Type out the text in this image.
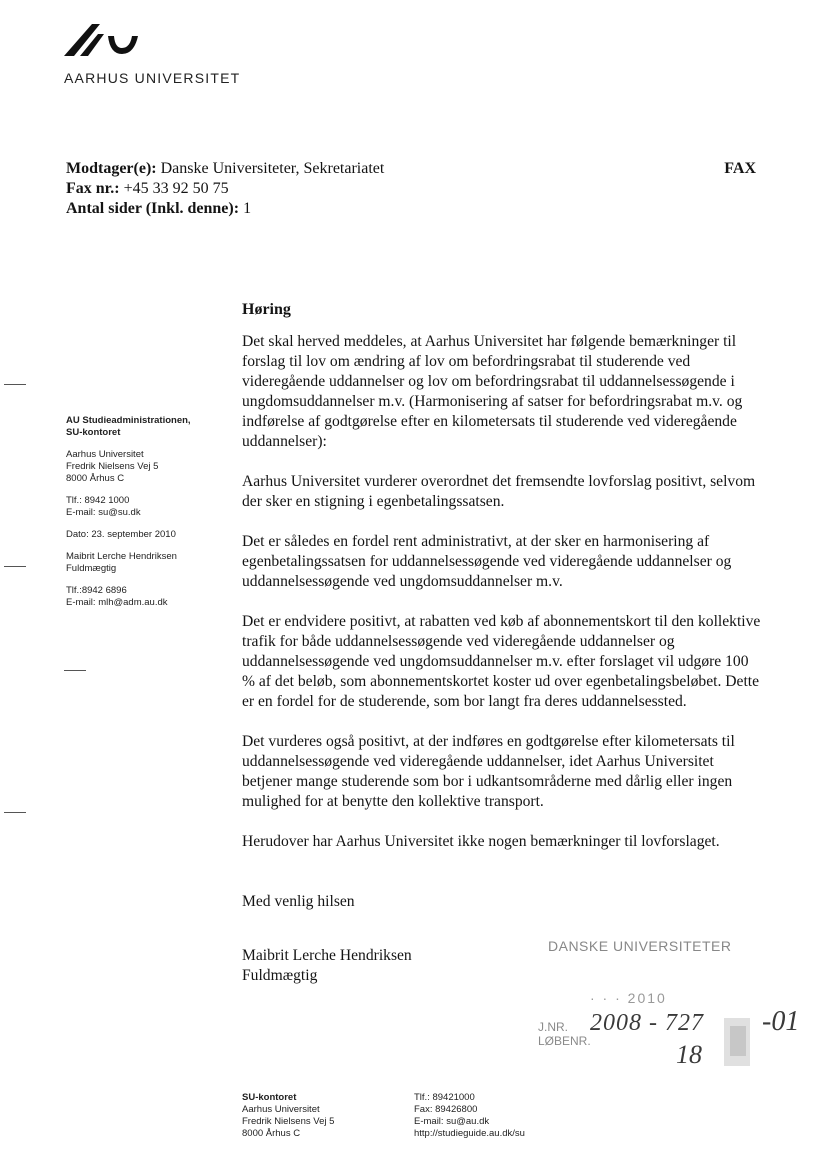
AARHUS UNIVERSITET
Modtager(e): Danske Universiteter, Sekretariatet
Fax nr.: +45 33 92 50 75
Antal sider (Inkl. denne): 1
FAX
AU Studieadministrationen,
SU-kontoret
Aarhus Universitet
Fredrik Nielsens Vej 5
8000 Århus C
Tlf.: 8942 1000
E-mail: su@su.dk
Dato: 23. september 2010
Maibrit Lerche Hendriksen
Fuldmægtig
Tlf.:8942 6896
E-mail: mlh@adm.au.dk
Høring

Det skal herved meddeles, at Aarhus Universitet har følgende bemærkninger til forslag til lov om ændring af lov om befordringsrabat til studerende ved videregående uddannelser og lov om befordringsrabat til uddannelsessøgende i ungdomsuddannelser m.v. (Harmonisering af satser for befordringsrabat m.v. og indførelse af godtgørelse efter en kilometersats til studerende ved videregående uddannelser):

Aarhus Universitet vurderer overordnet det fremsendte lovforslag positivt, selvom der sker en stigning i egenbetalingssatsen.

Det er således en fordel rent administrativt, at der sker en harmonisering af egenbetalingssatsen for uddannelsessøgende ved videregående uddannelser og uddannelsessøgende ved ungdomsuddannelser m.v.

Det er endvidere positivt, at rabatten ved køb af abonnementskort til den kollektive trafik for både uddannelsessøgende ved videregående uddannelser og uddannelsessøgende ved ungdomsuddannelser m.v. efter forslaget vil udgøre 100 % af det beløb, som abonnementskortet koster ud over egenbetalingsbeløbet. Dette er en fordel for de studerende, som bor langt fra deres uddannelsessted.

Det vurderes også positivt, at der indføres en godtgørelse efter kilometersats til uddannelsessøgende ved videregående uddannelser, idet Aarhus Universitet betjener mange studerende som bor i udkantsområderne med dårlig eller ingen mulighed for at benytte den kollektive transport.

Herudover har Aarhus Universitet ikke nogen bemærkninger til lovforslaget.

Med venlig hilsen

Maibrit Lerche Hendriksen

Fuldmægtig

DANSKE UNIVERSITETER
· · · 2010
J.NR.
LØBENR.
2008 - 727 -01
18
SU-kontoret
Aarhus Universitet
Fredrik Nielsens Vej 5
8000 Århus C
Tlf.: 89421000
Fax: 89426800
E-mail: su@au.dk
http://studieguide.au.dk/su
